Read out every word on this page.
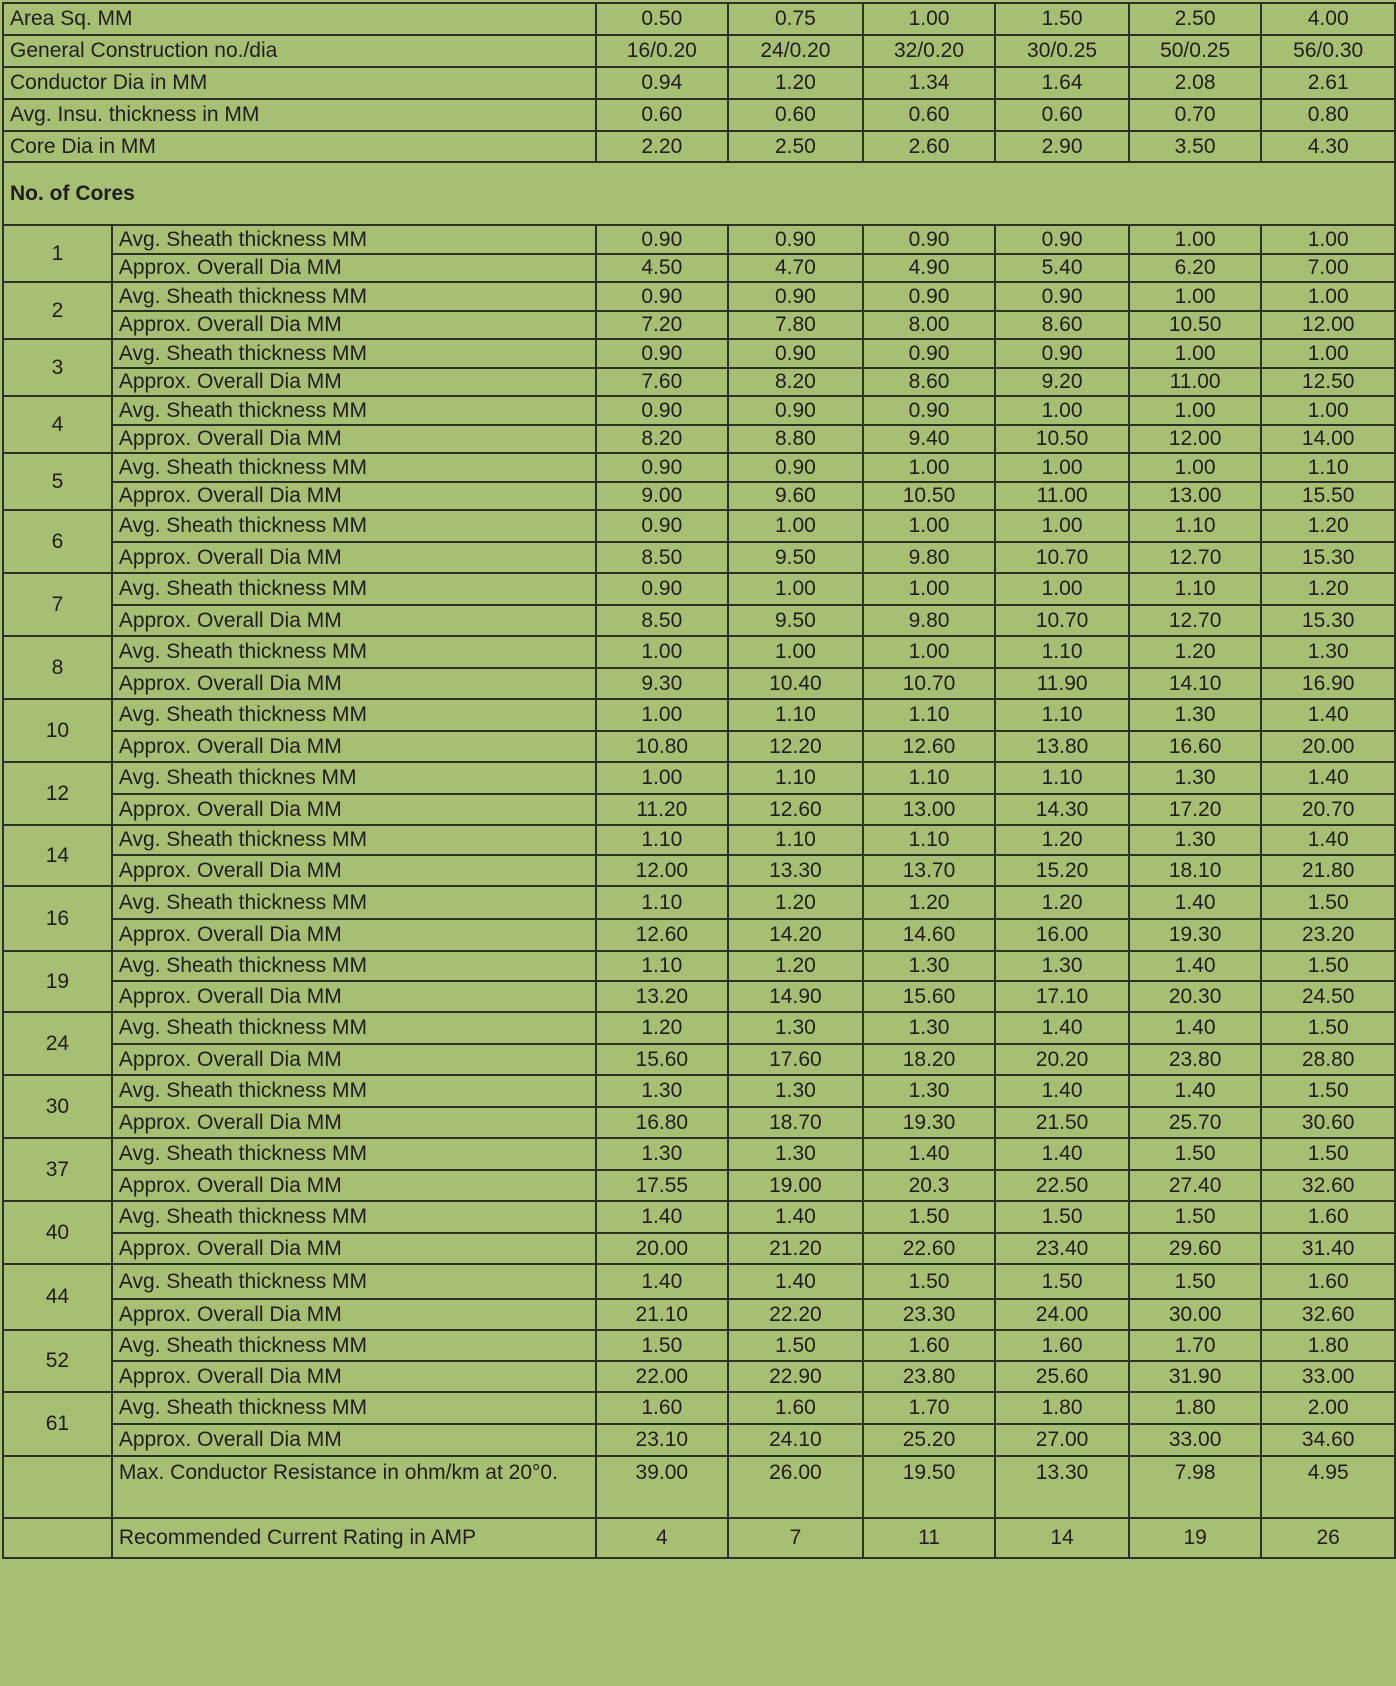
Area Sq. MM		0.50	0.75	1.00	1.50	2.50	4.00
General Construction no./dia		16/0.20	24/0.20	32/0.20	30/0.25	50/0.25	56/0.30
Conductor Dia in MM		0.94	1.20	1.34	1.64	2.08	2.61
Avg. Insu. thickness in MM		0.60	0.60	0.60	0.60	0.70	0.80
Core Dia in MM		2.20	2.50	2.60	2.90	3.50	4.30
No. of Cores							
1	Avg. Sheath thickness MM	0.90	0.90	0.90	0.90	1.00	1.00
	Approx. Overall Dia MM	4.50	4.70	4.90	5.40	6.20	7.00
2	Avg. Sheath thickness MM	0.90	0.90	0.90	0.90	1.00	1.00
	Approx. Overall Dia MM	7.20	7.80	8.00	8.60	10.50	12.00
3	Avg. Sheath thickness MM	0.90	0.90	0.90	0.90	1.00	1.00
	Approx. Overall Dia MM	7.60	8.20	8.60	9.20	11.00	12.50
4	Avg. Sheath thickness MM	0.90	0.90	0.90	1.00	1.00	1.00
	Approx. Overall Dia MM	8.20	8.80	9.40	10.50	12.00	14.00
5	Avg. Sheath thickness MM	0.90	0.90	1.00	1.00	1.00	1.10
	Approx. Overall Dia MM	9.00	9.60	10.50	11.00	13.00	15.50
6	Avg. Sheath thickness MM	0.90	1.00	1.00	1.00	1.10	1.20
	Approx. Overall Dia MM	8.50	9.50	9.80	10.70	12.70	15.30
7	Avg. Sheath thickness MM	0.90	1.00	1.00	1.00	1.10	1.20
	Approx. Overall Dia MM	8.50	9.50	9.80	10.70	12.70	15.30
8	Avg. Sheath thickness MM	1.00	1.00	1.00	1.10	1.20	1.30
	Approx. Overall Dia MM	9.30	10.40	10.70	11.90	14.10	16.90
10	Avg. Sheath thickness MM	1.00	1.10	1.10	1.10	1.30	1.40
	Approx. Overall Dia MM	10.80	12.20	12.60	13.80	16.60	20.00
12	Avg. Sheath thicknes MM	1.00	1.10	1.10	1.10	1.30	1.40
	Approx. Overall Dia MM	11.20	12.60	13.00	14.30	17.20	20.70
14	Avg. Sheath thickness MM	1.10	1.10	1.10	1.20	1.30	1.40
	Approx. Overall Dia MM	12.00	13.30	13.70	15.20	18.10	21.80
16	Avg. Sheath thickness MM	1.10	1.20	1.20	1.20	1.40	1.50
	Approx. Overall Dia MM	12.60	14.20	14.60	16.00	19.30	23.20
19	Avg. Sheath thickness MM	1.10	1.20	1.30	1.30	1.40	1.50
	Approx. Overall Dia MM	13.20	14.90	15.60	17.10	20.30	24.50
24	Avg. Sheath thickness MM	1.20	1.30	1.30	1.40	1.40	1.50
	Approx. Overall Dia MM	15.60	17.60	18.20	20.20	23.80	28.80
30	Avg. Sheath thickness MM	1.30	1.30	1.30	1.40	1.40	1.50
	Approx. Overall Dia MM	16.80	18.70	19.30	21.50	25.70	30.60
37	Avg. Sheath thickness MM	1.30	1.30	1.40	1.40	1.50	1.50
	Approx. Overall Dia MM	17.55	19.00	20.3	22.50	27.40	32.60
40	Avg. Sheath thickness MM	1.40	1.40	1.50	1.50	1.50	1.60
	Approx. Overall Dia MM	20.00	21.20	22.60	23.40	29.60	31.40
44	Avg. Sheath thickness MM	1.40	1.40	1.50	1.50	1.50	1.60
	Approx. Overall Dia MM	21.10	22.20	23.30	24.00	30.00	32.60
52	Avg. Sheath thickness MM	1.50	1.50	1.60	1.60	1.70	1.80
	Approx. Overall Dia MM	22.00	22.90	23.80	25.60	31.90	33.00
61	Avg. Sheath thickness MM	1.60	1.60	1.70	1.80	1.80	2.00
	Approx. Overall Dia MM	23.10	24.10	25.20	27.00	33.00	34.60
	Max. Conductor Resistance in ohm/km at 20°0.	39.00	26.00	19.50	13.30	7.98	4.95
	Recommended Current Rating in AMP	4	7	11	14	19	26
